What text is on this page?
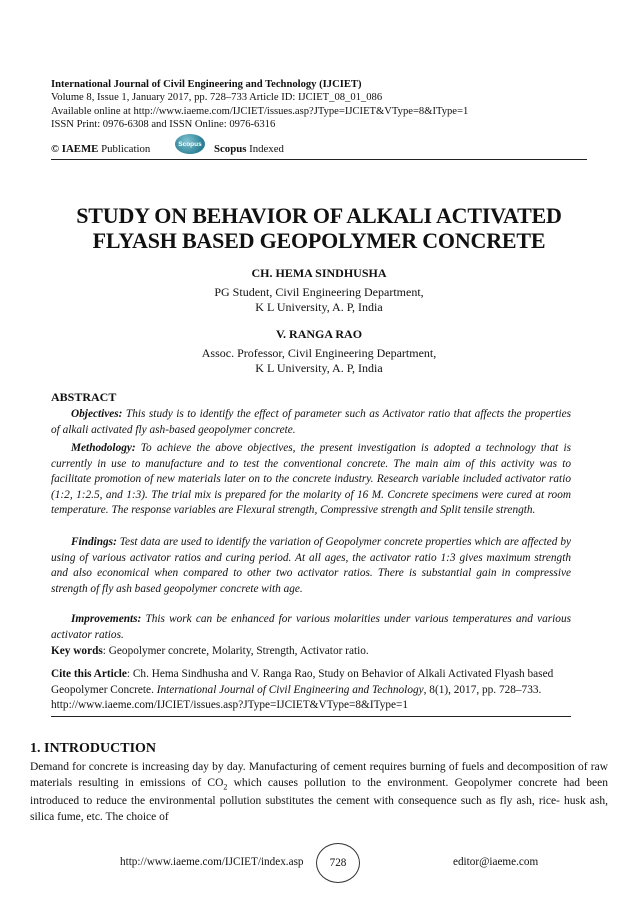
International Journal of Civil Engineering and Technology (IJCIET)
Volume 8, Issue 1, January 2017, pp. 728–733 Article ID: IJCIET_08_01_086
Available online at http://www.iaeme.com/IJCIET/issues.asp?JType=IJCIET&VType=8&IType=1
ISSN Print: 0976-6308 and ISSN Online: 0976-6316
© IAEME Publication	Scopus	Scopus Indexed
STUDY ON BEHAVIOR OF ALKALI ACTIVATED
FLYASH BASED GEOPOLYMER CONCRETE
CH. HEMA SINDHUSHA
PG Student, Civil Engineering Department,
K L University, A. P, India
V. RANGA RAO
Assoc. Professor, Civil Engineering Department,
K L University, A. P, India
ABSTRACT

Objectives: This study is to identify the effect of parameter such as Activator ratio that affects the properties of alkali activated fly ash-based geopolymer concrete.

Methodology: To achieve the above objectives, the present investigation is adopted a technology that is currently in use to manufacture and to test the conventional concrete. The main aim of this activity was to facilitate promotion of new materials later on to the concrete industry. Research variable included activator ratio (1:2, 1:2.5, and 1:3). The trial mix is prepared for the molarity of 16 M. Concrete specimens were cured at room temperature. The response variables are Flexural strength, Compressive strength and Split tensile strength.

Findings: Test data are used to identify the variation of Geopolymer concrete properties which are affected by using of various activator ratios and curing period. At all ages, the activator ratio 1:3 gives maximum strength and also economical when compared to other two activator ratios. There is substantial gain in compressive strength of fly ash based geopolymer concrete with age.

Improvements: This work can be enhanced for various molarities under various temperatures and various activator ratios.

Key words: Geopolymer concrete, Molarity, Strength, Activator ratio.
Cite this Article: Ch. Hema Sindhusha and V. Ranga Rao, Study on Behavior of Alkali Activated Flyash based Geopolymer Concrete. International Journal of Civil Engineering and Technology, 8(1), 2017, pp. 728–733.
http://www.iaeme.com/IJCIET/issues.asp?JType=IJCIET&VType=8&IType=1
1. INTRODUCTION
Demand for concrete is increasing day by day. Manufacturing of cement requires burning of fuels and decomposition of raw materials resulting in emissions of $CO_2$ which causes pollution to the environment. Geopolymer concrete had been introduced to reduce the environmental pollution substitutes the cement with consequence such as fly ash, rice- husk ash, silica fume, etc. The choice of
http://www.iaeme.com/IJCIET/index.asp	728	editor@iaeme.com
